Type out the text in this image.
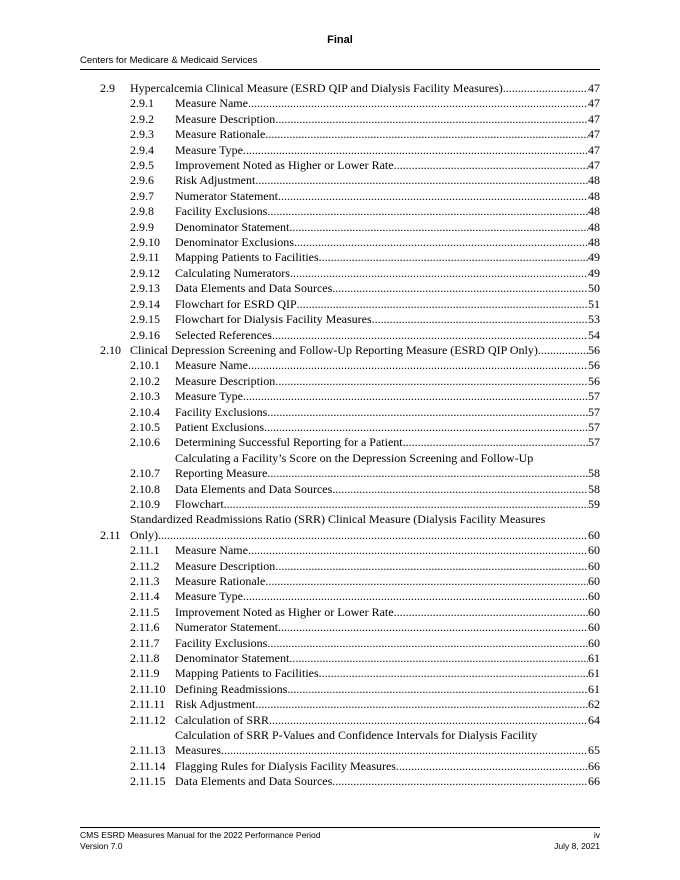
Final
Centers for Medicare & Medicaid Services
2.9	Hypercalcemia Clinical Measure (ESRD QIP and Dialysis Facility Measures) .....	47
2.9.1	Measure Name .....	47
2.9.2	Measure Description .....	47
2.9.3	Measure Rationale .....	47
2.9.4	Measure Type .....	47
2.9.5	Improvement Noted as Higher or Lower Rate .....	47
2.9.6	Risk Adjustment .....	48
2.9.7	Numerator Statement .....	48
2.9.8	Facility Exclusions .....	48
2.9.9	Denominator Statement .....	48
2.9.10	Denominator Exclusions .....	48
2.9.11	Mapping Patients to Facilities .....	49
2.9.12	Calculating Numerators .....	49
2.9.13	Data Elements and Data Sources .....	50
2.9.14	Flowchart for ESRD QIP .....	51
2.9.15	Flowchart for Dialysis Facility Measures .....	53
2.9.16	Selected References .....	54
2.10 Clinical Depression Screening and Follow-Up Reporting Measure (ESRD QIP Only) .....	56
2.10.1	Measure Name .....	56
2.10.2	Measure Description .....	56
2.10.3	Measure Type .....	57
2.10.4	Facility Exclusions .....	57
2.10.5	Patient Exclusions .....	57
2.10.6	Determining Successful Reporting for a Patient .....	57
2.10.7
Calculating a Facility’s Score on the Depression Screening and Follow-Up
Reporting Measure .....	58
2.10.8	Data Elements and Data Sources .....	58
2.10.9	Flowchart .....	59
2.11
Standardized Readmissions Ratio (SRR) Clinical Measure (Dialysis Facility Measures
Only) .....	60
2.11.1	Measure Name .....	60
2.11.2	Measure Description .....	60
2.11.3	Measure Rationale .....	60
2.11.4	Measure Type .....	60
2.11.5	Improvement Noted as Higher or Lower Rate .....	60
2.11.6	Numerator Statement .....	60
2.11.7	Facility Exclusions .....	60
2.11.8	Denominator Statement .....	61
2.11.9	Mapping Patients to Facilities .....	61
2.11.10 Defining Readmissions .....	61
2.11.11 Risk Adjustment .....	62
2.11.12 Calculation of SRR .....	64
2.11.13
Calculation of SRR P-Values and Confidence Intervals for Dialysis Facility
Measures .....	65
2.11.14 Flagging Rules for Dialysis Facility Measures .....	66
2.11.15 Data Elements and Data Sources .....	66
CMS ESRD Measures Manual for the 2022 Performance Period
Version 7.0
iv
July 8, 2021
